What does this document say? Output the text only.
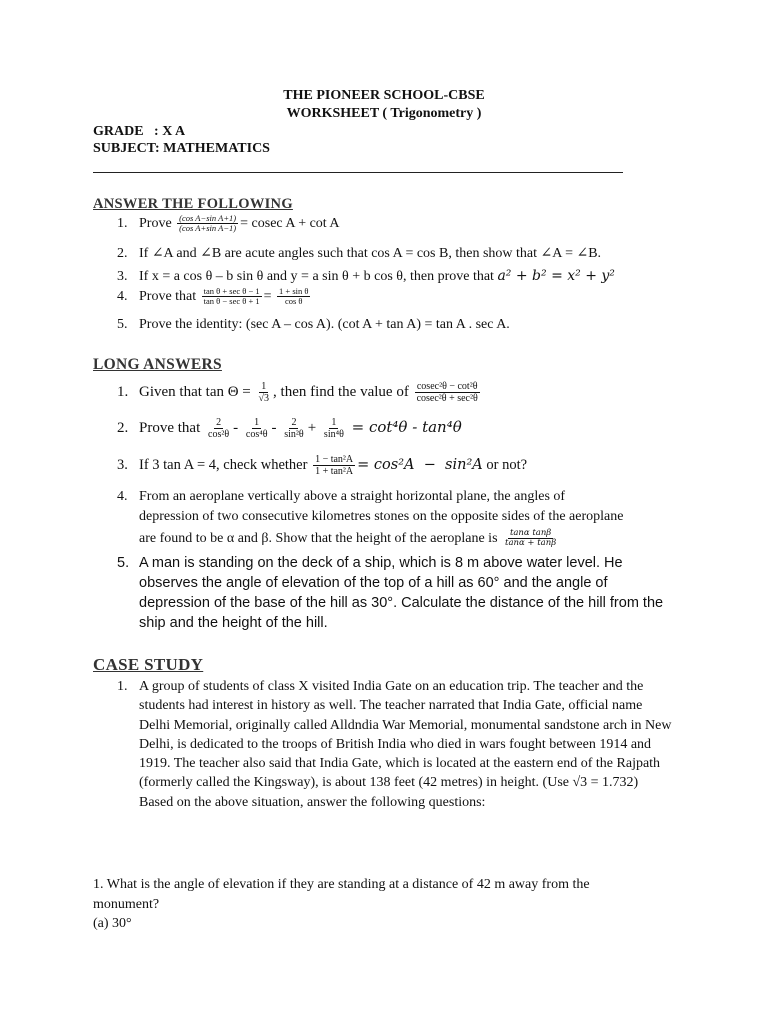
THE PIONEER SCHOOL-CBSE
WORKSHEET ( Trigonometry )
GRADE   : X A
SUBJECT: MATHEMATICS
ANSWER THE FOLLOWING
1. Prove $\frac{\text{(cos A−sin A+1)}}{\text{(cos A+sin A−1)}} = cosec$ A + cot A
2. If ∠A and ∠B are acute angles such that cos A = cos B, then show that ∠A = ∠B.
3. If x = a cos θ – b sin θ and y = a sin θ + b cos θ, then prove that a² + b² = x² + y²
4. Prove that $\frac{\text{tan θ + sec θ − 1}}{\text{tan θ − sec θ + 1}} = \frac{\text{1 + sin θ}}{\text{cos θ}}$
5. Prove the identity: (sec A – cos A). (cot A + tan A) = tan A . sec A.
LONG ANSWERS
1. Given that $\tan \Theta = \frac{1}{√3}$ , then find the value of $\frac{\text{cosec²θ − cot²θ}}{\text{cosec²θ + sec²θ}}$
2. Prove that $\frac{2}{\text{cos²θ}} - \frac{1}{\text{cos⁴θ}} - \frac{2}{\text{sin²θ}} + \frac{1}{\text{sin⁴θ}} = \cot^4\theta - \tan^4\theta$
3. If 3 tan A = 4, check whether $\frac{\text{1 − tan²A}}{\text{1 + tan²A}} = \cos^2A - \sin^2A$ or not?
4. From an aeroplane vertically above a straight horizontal plane, the angles of
depression of two consecutive kilometres stones on the opposite sides of the aeroplane
are found to be α and β. Show that the height of the aeroplane is $\frac{\text{tanα tanβ}}{\tan\alpha + \tan\beta}$
5. A man is standing on the deck of a ship, which is 8 m above water level. He observes the angle of elevation of the top of a hill as 60° and the angle of depression of the base of the hill as 30°. Calculate the distance of the hill from the ship and the height of the hill.
CASE STUDY
1. A group of students of class X visited India Gate on an education trip. The teacher and the students had interest in history as well. The teacher narrated that India Gate, official name Delhi Memorial, originally called Alldndia War Memorial, monumental sandstone arch in New Delhi, is dedicated to the troops of British India who died in wars fought between 1914 and 1919. The teacher also said that India Gate, which is located at the eastern end of the Rajpath (formerly called the Kingsway), is about 138 feet (42 metres) in height. (Use √3 = 1.732) Based on the above situation, answer the following questions:
1. What is the angle of elevation if they are standing at a distance of 42 m away from the monument?
(a) 30°
